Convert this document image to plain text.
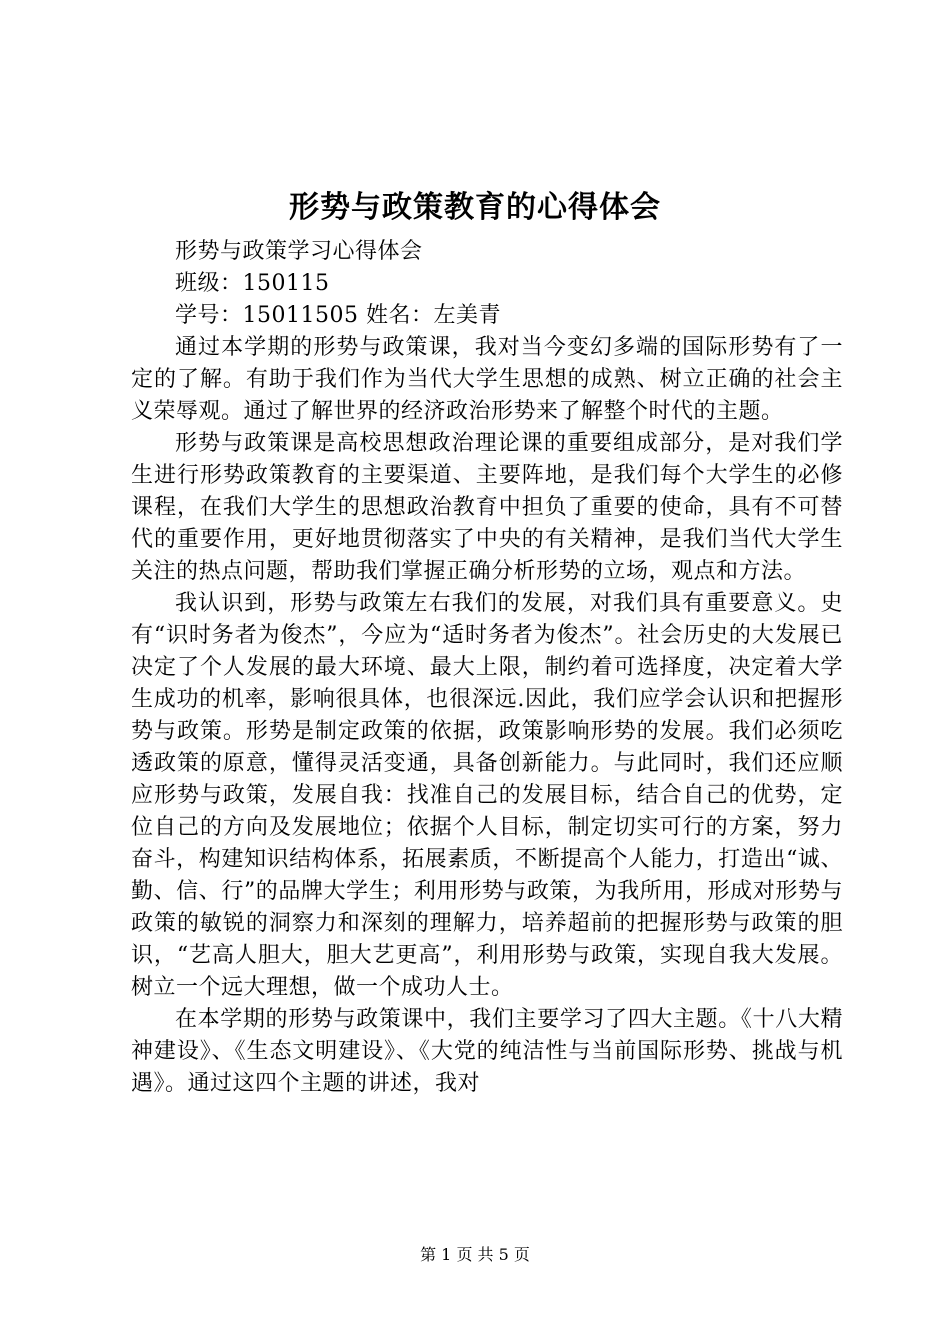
形势与政策教育的心得体会

形势与政策学习心得体会

班级：150115

学号：15011505 姓名：左美青

通过本学期的形势与政策课，我对当今变幻多端的国际形势有了一定的了解。有助于我们作为当代大学生思想的成熟、树立正确的社会主义荣辱观。通过了解世界的经济政治形势来了解整个时代的主题。

形势与政策课是高校思想政治理论课的重要组成部分，是对我们学生进行形势政策教育的主要渠道、主要阵地，是我们每个大学生的必修课程，在我们大学生的思想政治教育中担负了重要的使命，具有不可替代的重要作用，更好地贯彻落实了中央的有关精神，是我们当代大学生关注的热点问题，帮助我们掌握正确分析形势的立场，观点和方法。

我认识到，形势与政策左右我们的发展，对我们具有重要意义。史有“识时务者为俊杰”，今应为“适时务者为俊杰”。社会历史的大发展已决定了个人发展的最大环境、最大上限，制约着可选择度，决定着大学生成功的机率，影响很具体，也很深远.因此，我们应学会认识和把握形势与政策。形势是制定政策的依据，政策影响形势的发展。我们必须吃透政策的原意，懂得灵活变通，具备创新能力。与此同时，我们还应顺应形势与政策，发展自我：找准自己的发展目标，结合自己的优势，定位自己的方向及发展地位；依据个人目标，制定切实可行的方案，努力奋斗，构建知识结构体系，拓展素质，不断提高个人能力，打造出“诚、勤、信、行”的品牌大学生；利用形势与政策，为我所用，形成对形势与政策的敏锐的洞察力和深刻的理解力，培养超前的把握形势与政策的胆识，“艺高人胆大，胆大艺更高”，利用形势与政策，实现自我大发展。树立一个远大理想，做一个成功人士。

在本学期的形势与政策课中，我们主要学习了四大主题。《十八大精神建设》、《生态文明建设》、《大党的纯洁性与当前国际形势、挑战与机遇》。通过这四个主题的讲述，我对

第 1 页 共 5 页
